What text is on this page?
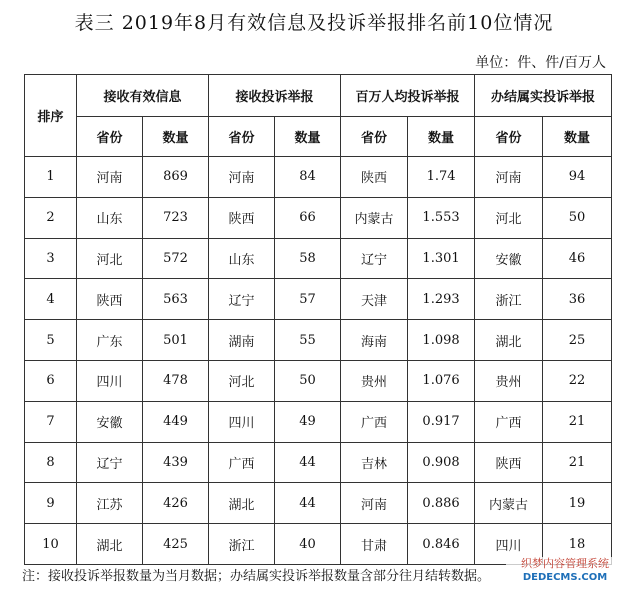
表三 2019年8月有效信息及投诉举报排名前10位情况
单位：件、件/百万人
排序	接收有效信息		接收投诉举报		百万人均投诉举报		办结属实投诉举报	
	省份	数量	省份	数量	省份	数量	省份	数量
1	河南	869	河南	84	陕西	1.74	河南	94
2	山东	723	陕西	66	内蒙古	1.553	河北	50
3	河北	572	山东	58	辽宁	1.301	安徽	46
4	陕西	563	辽宁	57	天津	1.293	浙江	36
5	广东	501	湖南	55	海南	1.098	湖北	25
6	四川	478	河北	50	贵州	1.076	贵州	22
7	安徽	449	四川	49	广西	0.917	广西	21
8	辽宁	439	广西	44	吉林	0.908	陕西	21
9	江苏	426	湖北	44	河南	0.886	内蒙古	19
10	湖北	425	浙江	40	甘肃	0.846	四川	18
注：接收投诉举报数量为当月数据；办结属实投诉举报数量含部分往月结转数据。
织梦内容管理系统
DEDECMS.COM
